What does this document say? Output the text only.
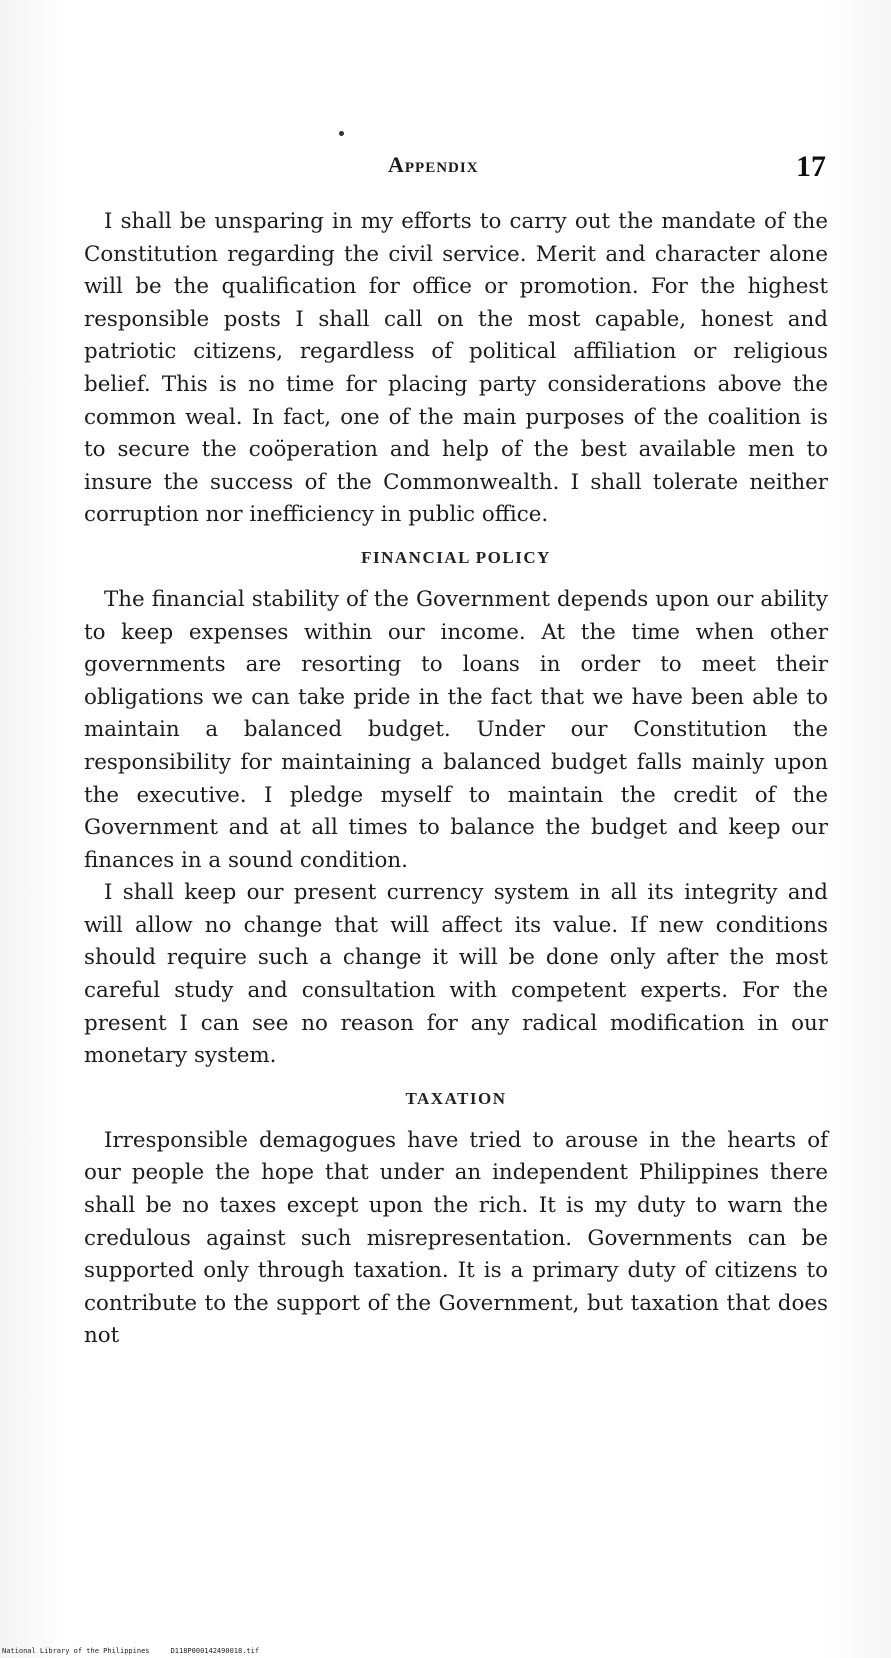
Appendix	17

I shall be unsparing in my efforts to carry out the mandate of the Constitution regarding the civil service. Merit and character alone will be the qualification for office or promotion. For the highest responsible posts I shall call on the most capable, honest and patriotic citizens, regardless of political affiliation or religious belief. This is no time for placing party considerations above the common weal. In fact, one of the main purposes of the coalition is to secure the coöperation and help of the best available men to insure the success of the Commonwealth. I shall tolerate neither corruption nor inefficiency in public office.

FINANCIAL POLICY

The financial stability of the Government depends upon our ability to keep expenses within our income. At the time when other governments are resorting to loans in order to meet their obligations we can take pride in the fact that we have been able to maintain a balanced budget. Under our Constitution the responsibility for maintaining a balanced budget falls mainly upon the executive. I pledge myself to maintain the credit of the Government and at all times to balance the budget and keep our finances in a sound condition.

I shall keep our present currency system in all its integrity and will allow no change that will affect its value. If new conditions should require such a change it will be done only after the most careful study and consultation with competent experts. For the present I can see no reason for any radical modification in our monetary system.

TAXATION

Irresponsible demagogues have tried to arouse in the hearts of our people the hope that under an independent Philippines there shall be no taxes except upon the rich. It is my duty to warn the credulous against such misrepresentation. Governments can be supported only through taxation. It is a primary duty of citizens to contribute to the support of the Government, but taxation that does not

National Library of the Philippines     D118P000142490018.tif
